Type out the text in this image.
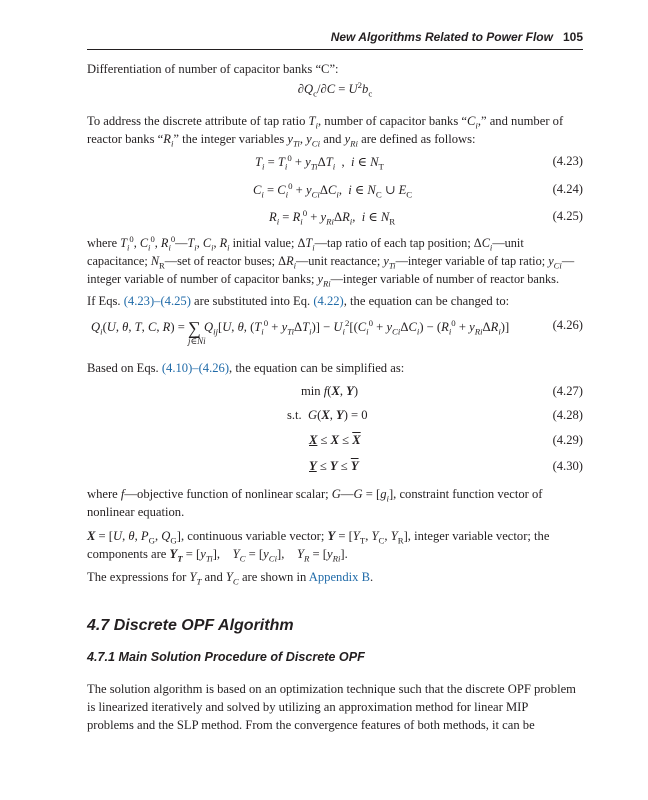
New Algorithms Related to Power Flow 105
Differentiation of number of capacitor banks “C”:
$\partial Q_c/\partial C = U^2b_c$
To address the discrete attribute of tap ratio $T_i$, number of capacitor banks “$C_i$,” and number of
reactor banks “$R_i$” the integer variables $y_{Ti}$, $y_{Ci}$ and $y_{Ri}$ are defined as follows:
$T_i = T_i^0 + y_{Ti}\Delta T_i$  ,  i ∈ $N_T$	(4.23)
$C_i = C_i^0 + y_{Ci}\Delta C_i$,  i ∈ $N_C$ ∪ $E_C$	(4.24)
$R_i = R_i^0 + y_{Ri}\Delta R_i$,  i ∈ $N_R$	(4.25)
where $T_i^0$, $C_i^0$, $R_i^0—T_i$, $C_i$, $R_i$ initial value; $\Delta T_i—tap$ ratio of each tap position; $\Delta C_i—unit$
capacitance; $N_R—set$ of reactor buses; $\Delta R_i—unit$ reactance; $y_{Ti}—integer$ variable of tap ratio; $y_{Ci}—$
integer variable of number of capacitor banks; $y_{Ri}—integer$ variable of number of reactor banks.
If Eqs. (4.23)–(4.25) are substituted into Eq. (4.22), the equation can be changed to:
$Q_i(U$, θ, T, C, R) = ∑
j∈Ni
$Q_{ij}[U$, θ, $(T_i^0 + y_{Ti}\Delta T_i)] - U_i^2[(C_i^0 + y_{Ci}\Delta C_i) - (R_i^0 + y_{Ri}\Delta R_i)]$	(4.26)
Based on Eqs. (4.10)–(4.26), the equation can be simplified as:
min f(X, Y)	(4.27)
s.t. G(X, Y) = 0	(4.28)
$X \le X \le \overline{X}$	(4.29)
$Y \le Y \le \overline{Y}$	(4.30)
where f—objective function of nonlinear scalar; G—G = $[g_i]$, constraint function vector of
nonlinear equation.
X = [U, θ, $P_G$, $Q_G$], continuous variable vector; $Y = [Y_T$, $Y_C$, $Y_R$], integer variable vector; the
components are $Y_T = [y_{Ti}]$,    $Y_C = [y_{Ci}]$,    $Y_R = [y_{Ri}]$.
The expressions for $Y_T$ and $Y_C$ are shown in Appendix B.
4.7 Discrete OPF Algorithm
4.7.1 Main Solution Procedure of Discrete OPF
The solution algorithm is based on an optimization technique such that the discrete OPF problem
is linearized iteratively and solved by utilizing an approximation method for linear MIP
problems and the SLP method. From the convergence features of both methods, it can be
